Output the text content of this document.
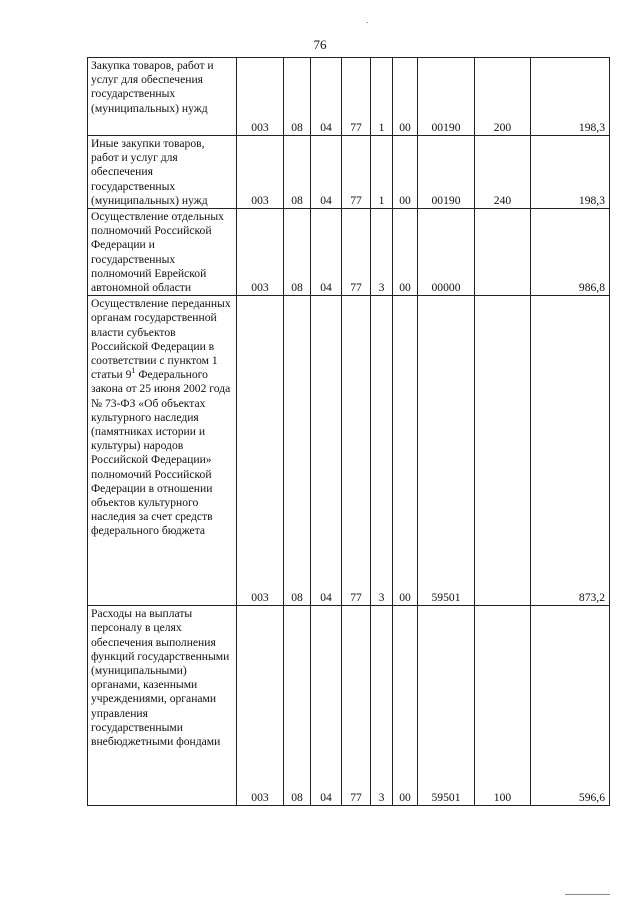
76
Закупка товаров, работ и услуг для обеспечения государственных (муниципальных) нужд	003	08	04	77	1	00	00190	200	198,3
Иные закупки товаров, работ и услуг для обеспечения государственных (муниципальных) нужд	003	08	04	77	1	00	00190	240	198,3
Осуществление отдельных полномочий Российской Федерации и государственных полномочий Еврейской автономной области	003	08	04	77	3	00	00000		986,8
Осуществление переданных органам государственной власти субъектов Российской Федерации в соответствии с пунктом 1 статьи $9^1$ Федерального закона от 25 июня 2002 года № 73-ФЗ «Об объектах культурного наследия (памятниках истории и культуры) народов Российской Федерации» полномочий Российской Федерации в отношении объектов культурного наследия за счет средств федерального бюджета	003	08	04	77	3	00	59501		873,2
Расходы на выплаты персоналу в целях обеспечения выполнения функций государственными (муниципальными) органами, казенными учреждениями, органами управления государственными внебюджетными фондами	003	08	04	77	3	00	59501	100	596,6
